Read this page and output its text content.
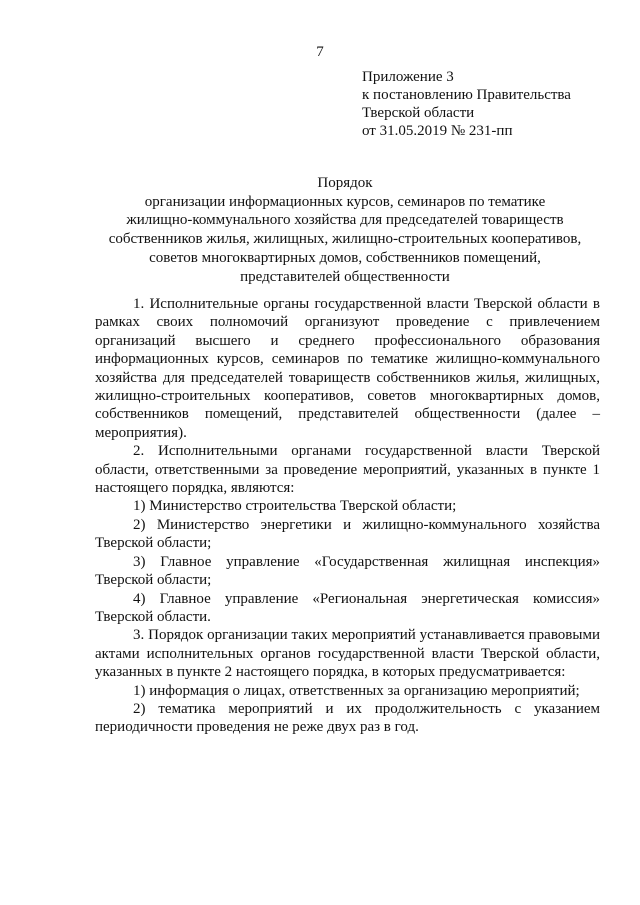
7
Приложение 3
к постановлению Правительства
Тверской области
от 31.05.2019 № 231-пп
Порядок
организации информационных курсов, семинаров по тематике
жилищно-коммунального хозяйства для председателей товариществ
собственников жилья, жилищных, жилищно-строительных кооперативов,
советов многоквартирных домов, собственников помещений,
представителей общественности

1. Исполнительные органы государственной власти Тверской области в рамках своих полномочий организуют проведение с привлечением организаций высшего и среднего профессионального образования информационных курсов, семинаров по тематике жилищно-коммунального хозяйства для председателей товариществ собственников жилья, жилищных, жилищно-строительных кооперативов, советов многоквартирных домов, собственников помещений, представителей общественности (далее – мероприятия).

2. Исполнительными органами государственной власти Тверской области, ответственными за проведение мероприятий, указанных в пункте 1 настоящего порядка, являются:

1) Министерство строительства Тверской области;

2) Министерство энергетики и жилищно-коммунального хозяйства Тверской области;

3) Главное управление «Государственная жилищная инспекция» Тверской области;

4) Главное управление «Региональная энергетическая комиссия» Тверской области.

3. Порядок организации таких мероприятий устанавливается правовыми актами исполнительных органов государственной власти Тверской области, указанных в пункте 2 настоящего порядка, в которых предусматривается:

1) информация о лицах, ответственных за организацию мероприятий;

2) тематика мероприятий и их продолжительность с указанием периодичности проведения не реже двух раз в год.
